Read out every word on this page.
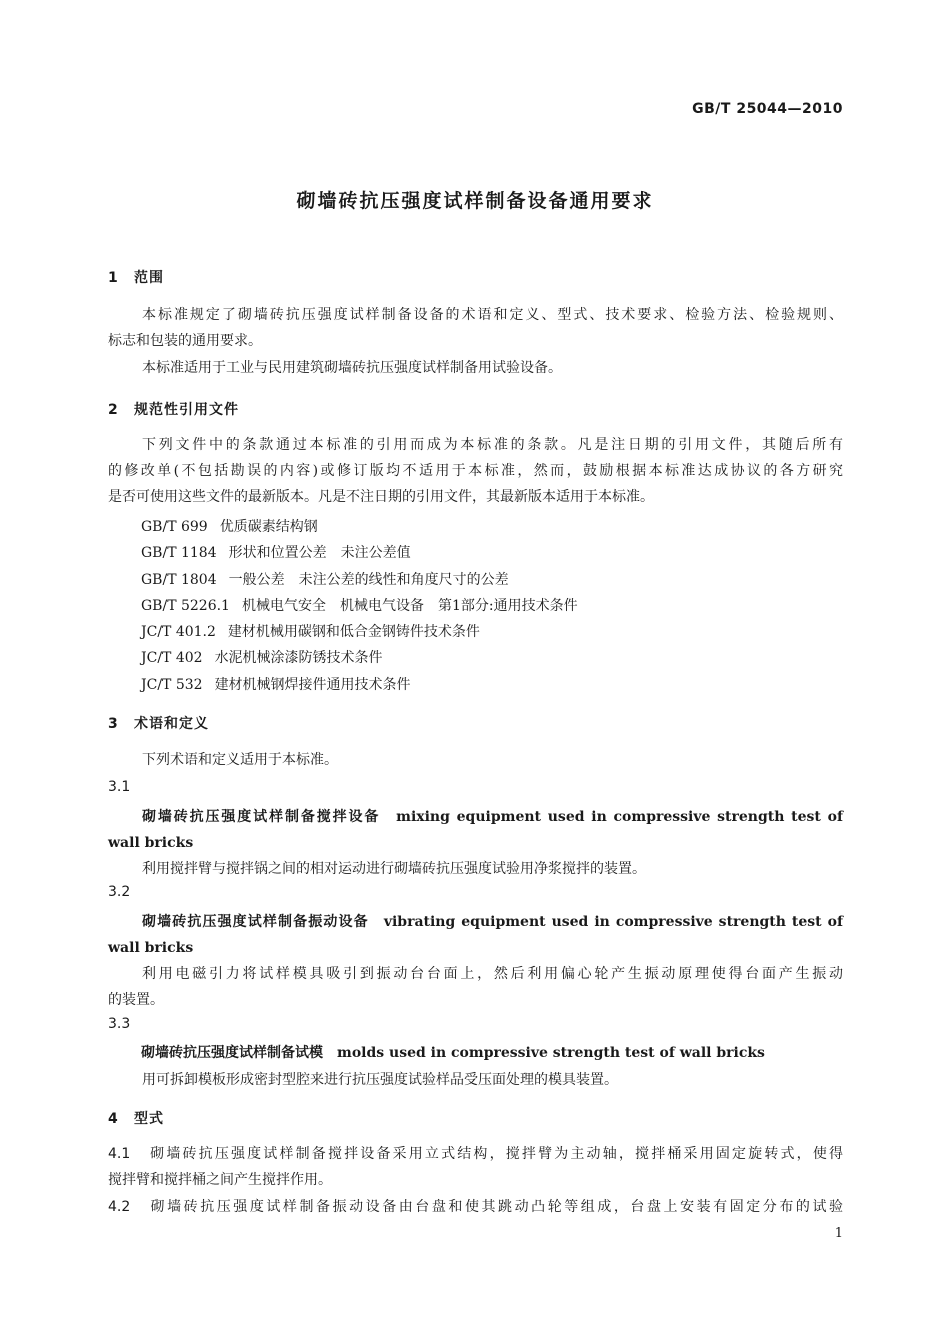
GB/T 25044—2010
砌墙砖抗压强度试样制备设备通用要求
1 范围
本标准规定了砌墙砖抗压强度试样制备设备的术语和定义、型式、技术要求、检验方法、检验规则、
标志和包装的通用要求。
本标准适用于工业与民用建筑砌墙砖抗压强度试样制备用试验设备。
2 规范性引用文件
下列文件中的条款通过本标准的引用而成为本标准的条款。凡是注日期的引用文件，其随后所有
的修改单(不包括勘误的内容)或修订版均不适用于本标准，然而，鼓励根据本标准达成协议的各方研究
是否可使用这些文件的最新版本。凡是不注日期的引用文件，其最新版本适用于本标准。
GB/T 699 优质碳素结构钢
GB/T 1184 形状和位置公差　未注公差值
GB/T 1804 一般公差　未注公差的线性和角度尺寸的公差
GB/T 5226.1 机械电气安全　机械电气设备　第1部分:通用技术条件
JC/T 401.2 建材机械用碳钢和低合金钢铸件技术条件
JC/T 402 水泥机械涂漆防锈技术条件
JC/T 532 建材机械钢焊接件通用技术条件
3 术语和定义
下列术语和定义适用于本标准。
3.1
砌墙砖抗压强度试样制备搅拌设备　mixing equipment used in compressive strength test of
wall bricks
利用搅拌臂与搅拌锅之间的相对运动进行砌墙砖抗压强度试验用净浆搅拌的装置。
3.2
砌墙砖抗压强度试样制备振动设备　vibrating equipment used in compressive strength test of
wall bricks
利用电磁引力将试样模具吸引到振动台台面上，然后利用偏心轮产生振动原理使得台面产生振动
的装置。
3.3
砌墙砖抗压强度试样制备试模　molds used in compressive strength test of wall bricks
用可拆卸模板形成密封型腔来进行抗压强度试验样品受压面处理的模具装置。
4 型式
4.1 砌墙砖抗压强度试样制备搅拌设备采用立式结构，搅拌臂为主动轴，搅拌桶采用固定旋转式，使得
搅拌臂和搅拌桶之间产生搅拌作用。
4.2 砌墙砖抗压强度试样制备振动设备由台盘和使其跳动凸轮等组成，台盘上安装有固定分布的试验
1
